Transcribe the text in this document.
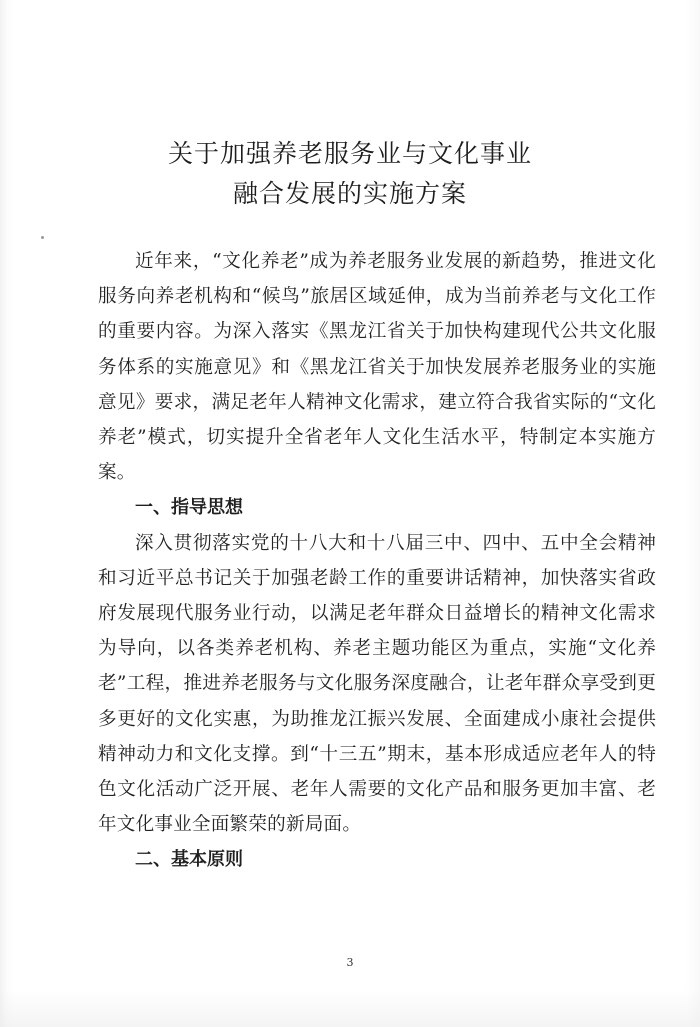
关于加强养老服务业与文化事业
融合发展的实施方案

近年来，“文化养老”成为养老服务业发展的新趋势，推进文化服务向养老机构和“候鸟”旅居区域延伸，成为当前养老与文化工作的重要内容。为深入落实《黑龙江省关于加快构建现代公共文化服务体系的实施意见》和《黑龙江省关于加快发展养老服务业的实施意见》要求，满足老年人精神文化需求，建立符合我省实际的“文化养老”模式，切实提升全省老年人文化生活水平，特制定本实施方案。

一、指导思想

深入贯彻落实党的十八大和十八届三中、四中、五中全会精神和习近平总书记关于加强老龄工作的重要讲话精神，加快落实省政府发展现代服务业行动，以满足老年群众日益增长的精神文化需求为导向，以各类养老机构、养老主题功能区为重点，实施“文化养老”工程，推进养老服务与文化服务深度融合，让老年群众享受到更多更好的文化实惠，为助推龙江振兴发展、全面建成小康社会提供精神动力和文化支撑。到“十三五”期末，基本形成适应老年人的特色文化活动广泛开展、老年人需要的文化产品和服务更加丰富、老年文化事业全面繁荣的新局面。

二、基本原则

3
